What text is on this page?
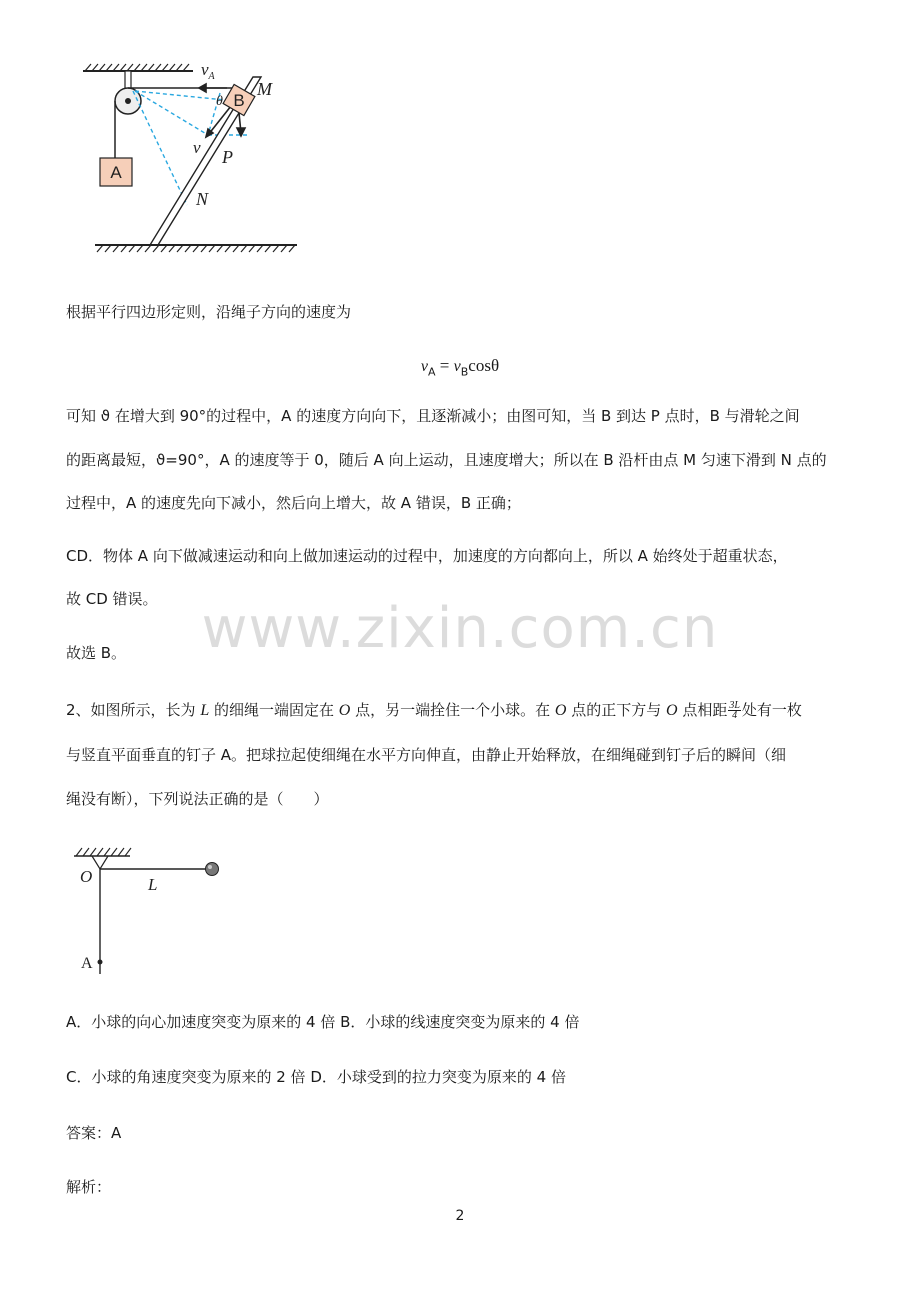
A
B
$v_A$
θ
M
v P
N
根据平行四边形定则，沿绳子方向的速度为
$v_A = v_B\cos\theta$
可知 ϑ 在增大到 90°的过程中，A 的速度方向向下，且逐渐减小；由图可知，当 B 到达 P 点时，B 与滑轮之间
的距离最短，ϑ=90°，A 的速度等于 0，随后 A 向上运动，且速度增大；所以在 B 沿杆由点 M 匀速下滑到 N 点的
过程中，A 的速度先向下减小，然后向上增大，故 A 错误，B 正确；
CD．物体 A 向下做减速运动和向上做加速运动的过程中，加速度的方向都向上，所以 A 始终处于超重状态，
故 CD 错误。 www.zixin.com.cn
故选 B。
2、如图所示，长为 L 的细绳一端固定在 O 点，另一端拴住一个小球。在 O 点的正下方与 O 点相距 $\frac{3L}{4}$ 处有一枚
与竖直平面垂直的钉子 A。把球拉起使细绳在水平方向伸直，由静止开始释放，在细绳碰到钉子后的瞬间（细
绳没有断），下列说法正确的是（　　）
O	L
A
A．小球的向心加速度突变为原来的 4 倍 B．小球的线速度突变为原来的 4 倍
C．小球的角速度突变为原来的 2 倍 D．小球受到的拉力突变为原来的 4 倍
答案：A
解析：
2
